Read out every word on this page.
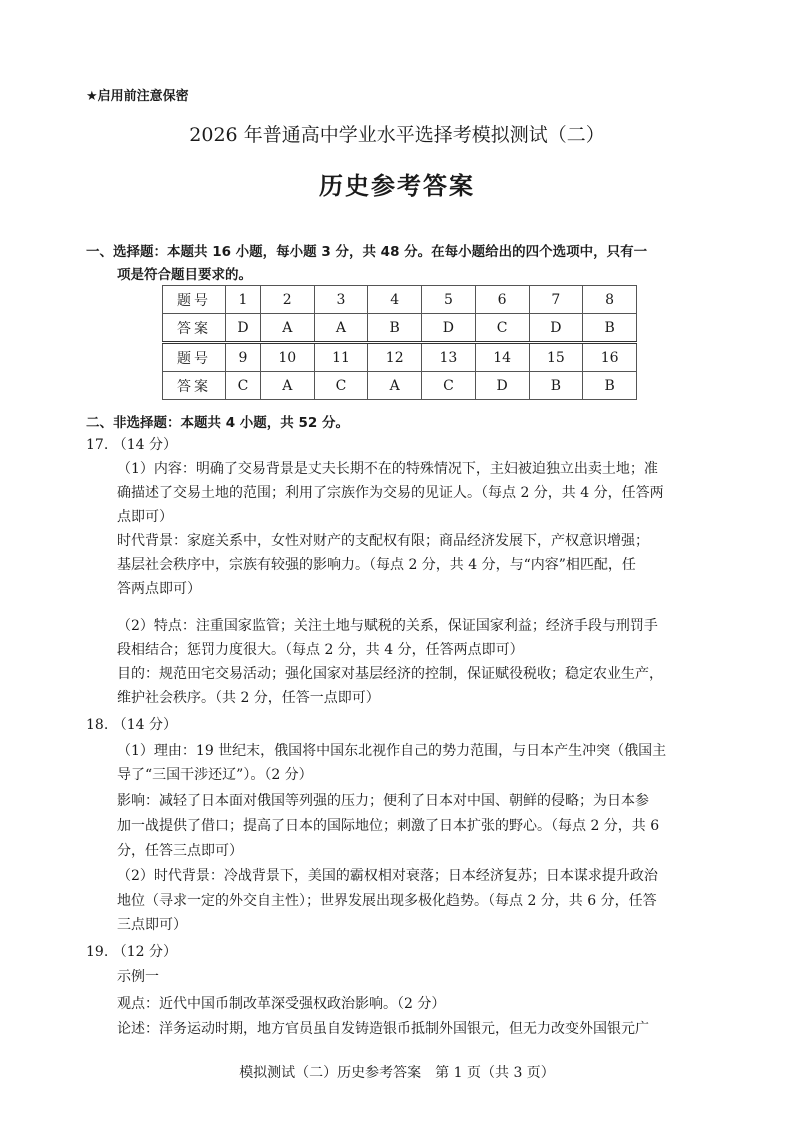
★启用前注意保密
2026 年普通高中学业水平选择考模拟测试（二）
历史参考答案
一、选择题：本题共 16 小题，每小题 3 分，共 48 分。在每小题给出的四个选项中，只有一
项是符合题目要求的。
题号	1	2	3	4	5	6	7	8
答案	D	A	A	B	D	C	D	B
题号	9	10	11	12	13	14	15	16
答案	C	A	C	A	C	D	B	B
二、非选择题：本题共 4 小题，共 52 分。
17. （14 分）
（1）内容：明确了交易背景是丈夫长期不在的特殊情况下，主妇被迫独立出卖土地；准
确描述了交易土地的范围；利用了宗族作为交易的见证人。（每点 2 分，共 4 分，任答两
点即可）
时代背景：家庭关系中，女性对财产的支配权有限；商品经济发展下，产权意识增强；
基层社会秩序中，宗族有较强的影响力。（每点 2 分，共 4 分，与“内容”相匹配，任
答两点即可）
（2）特点：注重国家监管；关注土地与赋税的关系，保证国家利益；经济手段与刑罚手
段相结合；惩罚力度很大。（每点 2 分，共 4 分，任答两点即可）
目的：规范田宅交易活动；强化国家对基层经济的控制，保证赋役税收；稳定农业生产，
维护社会秩序。（共 2 分，任答一点即可）
18. （14 分）
（1）理由：19 世纪末，俄国将中国东北视作自己的势力范围，与日本产生冲突（俄国主
导了“三国干涉还辽”）。（2 分）
影响：减轻了日本面对俄国等列强的压力；便利了日本对中国、朝鲜的侵略；为日本参
加一战提供了借口；提高了日本的国际地位；刺激了日本扩张的野心。（每点 2 分，共 6
分，任答三点即可）
（2）时代背景：冷战背景下，美国的霸权相对衰落；日本经济复苏；日本谋求提升政治
地位（寻求一定的外交自主性）；世界发展出现多极化趋势。（每点 2 分，共 6 分，任答
三点即可）
19. （12 分）
示例一
观点：近代中国币制改革深受强权政治影响。（2 分）
论述：洋务运动时期，地方官员虽自发铸造银币抵制外国银元，但无力改变外国银元广
模拟测试（二）历史参考答案　第 1 页（共 3 页）
